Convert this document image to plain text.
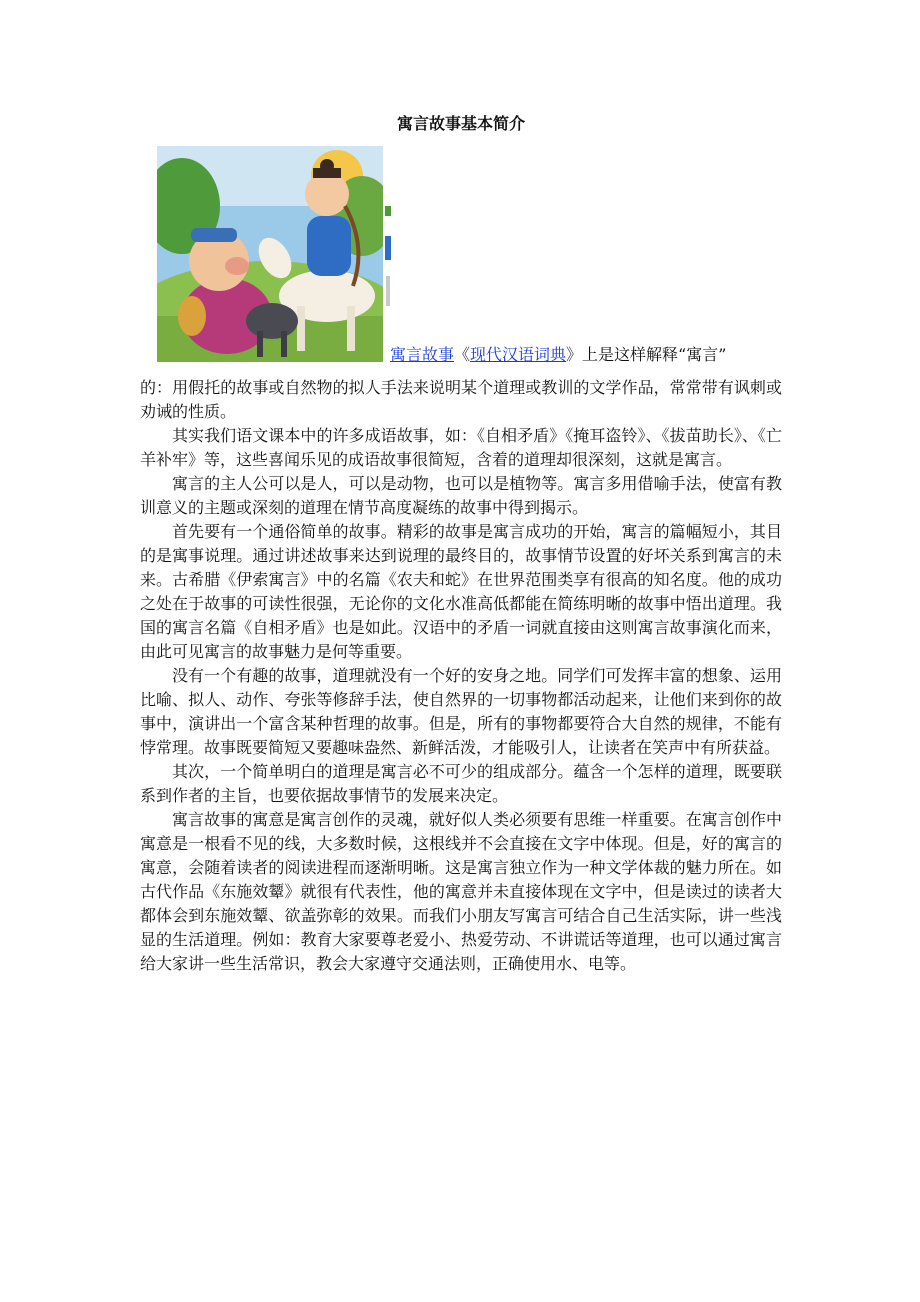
寓言故事基本简介
寓言故事《现代汉语词典》上是这样解释“寓言”

的：用假托的故事或自然物的拟人手法来说明某个道理或教训的文学作品，常常带有讽刺或劝诫的性质。

其实我们语文课本中的许多成语故事，如：《自相矛盾》《掩耳盗铃》、《拔苗助长》、《亡羊补牢》等，这些喜闻乐见的成语故事很简短，含着的道理却很深刻，这就是寓言。

寓言的主人公可以是人，可以是动物，也可以是植物等。寓言多用借喻手法，使富有教训意义的主题或深刻的道理在情节高度凝练的故事中得到揭示。

首先要有一个通俗简单的故事。精彩的故事是寓言成功的开始，寓言的篇幅短小，其目的是寓事说理。通过讲述故事来达到说理的最终目的，故事情节设置的好坏关系到寓言的未来。古希腊《伊索寓言》中的名篇《农夫和蛇》在世界范围类享有很高的知名度。他的成功之处在于故事的可读性很强，无论你的文化水准高低都能在简练明晰的故事中悟出道理。我国的寓言名篇《自相矛盾》也是如此。汉语中的矛盾一词就直接由这则寓言故事演化而来，由此可见寓言的故事魅力是何等重要。

没有一个有趣的故事，道理就没有一个好的安身之地。同学们可发挥丰富的想象、运用比喻、拟人、动作、夸张等修辞手法，使自然界的一切事物都活动起来，让他们来到你的故事中，演讲出一个富含某种哲理的故事。但是，所有的事物都要符合大自然的规律，不能有悖常理。故事既要简短又要趣味盎然、新鲜活泼，才能吸引人，让读者在笑声中有所获益。

其次，一个简单明白的道理是寓言必不可少的组成部分。蕴含一个怎样的道理，既要联系到作者的主旨，也要依据故事情节的发展来决定。

寓言故事的寓意是寓言创作的灵魂，就好似人类必须要有思维一样重要。在寓言创作中寓意是一根看不见的线，大多数时候，这根线并不会直接在文字中体现。但是，好的寓言的寓意，会随着读者的阅读进程而逐渐明晰。这是寓言独立作为一种文学体裁的魅力所在。如古代作品《东施效颦》就很有代表性，他的寓意并未直接体现在文字中，但是读过的读者大都体会到东施效颦、欲盖弥彰的效果。而我们小朋友写寓言可结合自己生活实际，讲一些浅显的生活道理。例如：教育大家要尊老爱小、热爱劳动、不讲谎话等道理，也可以通过寓言给大家讲一些生活常识，教会大家遵守交通法则，正确使用水、电等。
